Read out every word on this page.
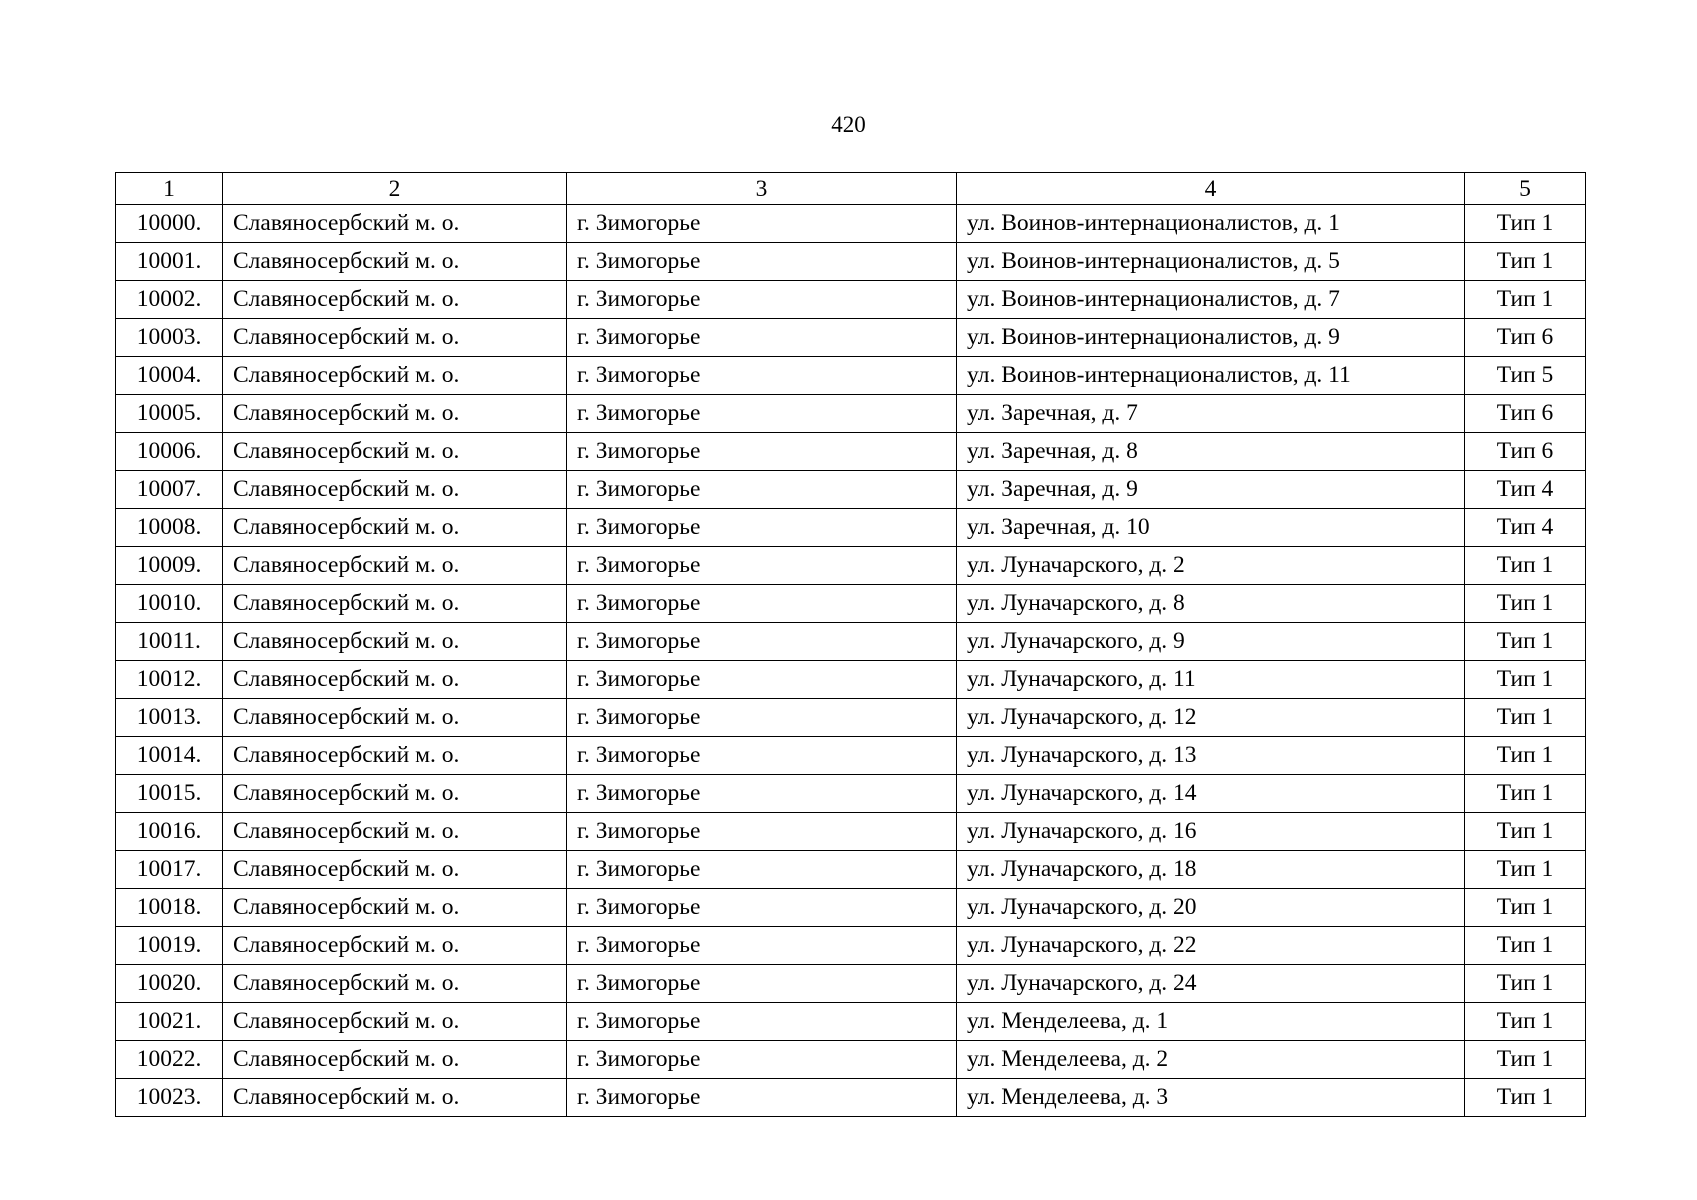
420
1	2	3	4	5
10000.	Славяносербский м. о.	г. Зимогорье	ул. Воинов-интернационалистов, д. 1	Тип 1
10001.	Славяносербский м. о.	г. Зимогорье	ул. Воинов-интернационалистов, д. 5	Тип 1
10002.	Славяносербский м. о.	г. Зимогорье	ул. Воинов-интернационалистов, д. 7	Тип 1
10003.	Славяносербский м. о.	г. Зимогорье	ул. Воинов-интернационалистов, д. 9	Тип 6
10004.	Славяносербский м. о.	г. Зимогорье	ул. Воинов-интернационалистов, д. 11	Тип 5
10005.	Славяносербский м. о.	г. Зимогорье	ул. Заречная, д. 7	Тип 6
10006.	Славяносербский м. о.	г. Зимогорье	ул. Заречная, д. 8	Тип 6
10007.	Славяносербский м. о.	г. Зимогорье	ул. Заречная, д. 9	Тип 4
10008.	Славяносербский м. о.	г. Зимогорье	ул. Заречная, д. 10	Тип 4
10009.	Славяносербский м. о.	г. Зимогорье	ул. Луначарского, д. 2	Тип 1
10010.	Славяносербский м. о.	г. Зимогорье	ул. Луначарского, д. 8	Тип 1
10011.	Славяносербский м. о.	г. Зимогорье	ул. Луначарского, д. 9	Тип 1
10012.	Славяносербский м. о.	г. Зимогорье	ул. Луначарского, д. 11	Тип 1
10013.	Славяносербский м. о.	г. Зимогорье	ул. Луначарского, д. 12	Тип 1
10014.	Славяносербский м. о.	г. Зимогорье	ул. Луначарского, д. 13	Тип 1
10015.	Славяносербский м. о.	г. Зимогорье	ул. Луначарского, д. 14	Тип 1
10016.	Славяносербский м. о.	г. Зимогорье	ул. Луначарского, д. 16	Тип 1
10017.	Славяносербский м. о.	г. Зимогорье	ул. Луначарского, д. 18	Тип 1
10018.	Славяносербский м. о.	г. Зимогорье	ул. Луначарского, д. 20	Тип 1
10019.	Славяносербский м. о.	г. Зимогорье	ул. Луначарского, д. 22	Тип 1
10020.	Славяносербский м. о.	г. Зимогорье	ул. Луначарского, д. 24	Тип 1
10021.	Славяносербский м. о.	г. Зимогорье	ул. Менделеева, д. 1	Тип 1
10022.	Славяносербский м. о.	г. Зимогорье	ул. Менделеева, д. 2	Тип 1
10023.	Славяносербский м. о.	г. Зимогорье	ул. Менделеева, д. 3	Тип 1
